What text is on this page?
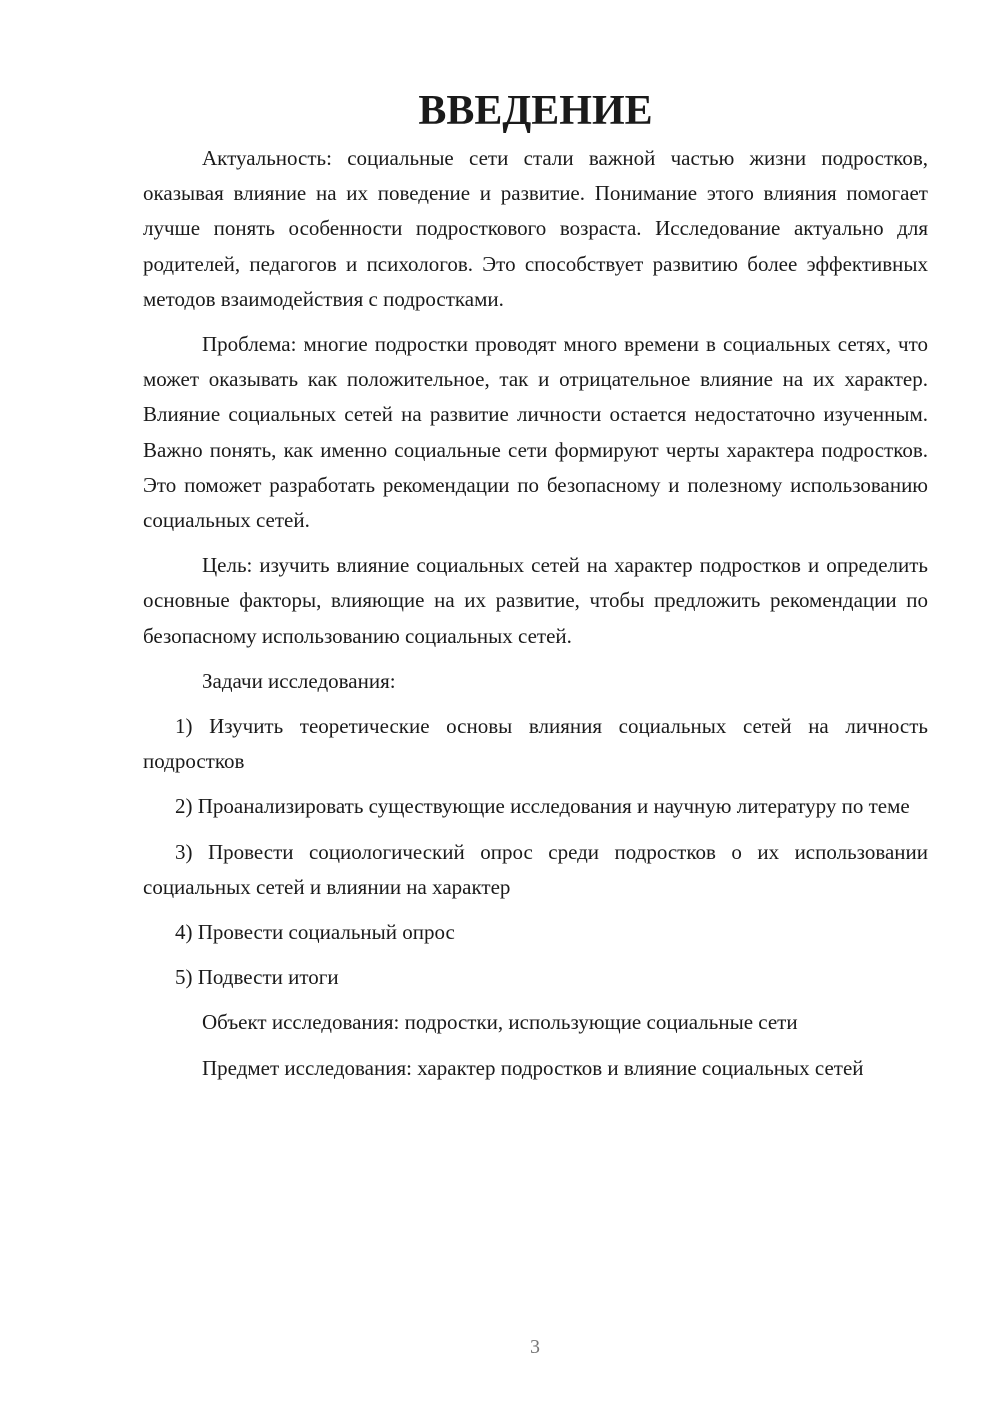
ВВЕДЕНИЕ

Актуальность: социальные сети стали важной частью жизни подростков, оказывая влияние на их поведение и развитие. Понимание этого влияния помогает лучше понять особенности подросткового возраста. Исследование актуально для родителей, педагогов и психологов. Это способствует развитию более эффективных методов взаимодействия с подростками.

Проблема: многие подростки проводят много времени в социальных сетях, что может оказывать как положительное, так и отрицательное влияние на их характер. Влияние социальных сетей на развитие личности остается недостаточно изученным. Важно понять, как именно социальные сети формируют черты характера подростков. Это поможет разработать рекомендации по безопасному и полезному использованию социальных сетей.

Цель: изучить влияние социальных сетей на характер подростков и определить основные факторы, влияющие на их развитие, чтобы предложить рекомендации по безопасному использованию социальных сетей.

Задачи исследования:

1) Изучить теоретические основы влияния социальных сетей на личность подростков

2) Проанализировать существующие исследования и научную литературу по теме

3) Провести социологический опрос среди подростков о их использовании социальных сетей и влиянии на характер

4) Провести социальный опрос

5) Подвести итоги

Объект исследования: подростки, использующие социальные сети

Предмет исследования: характер подростков и влияние социальных сетей

3
